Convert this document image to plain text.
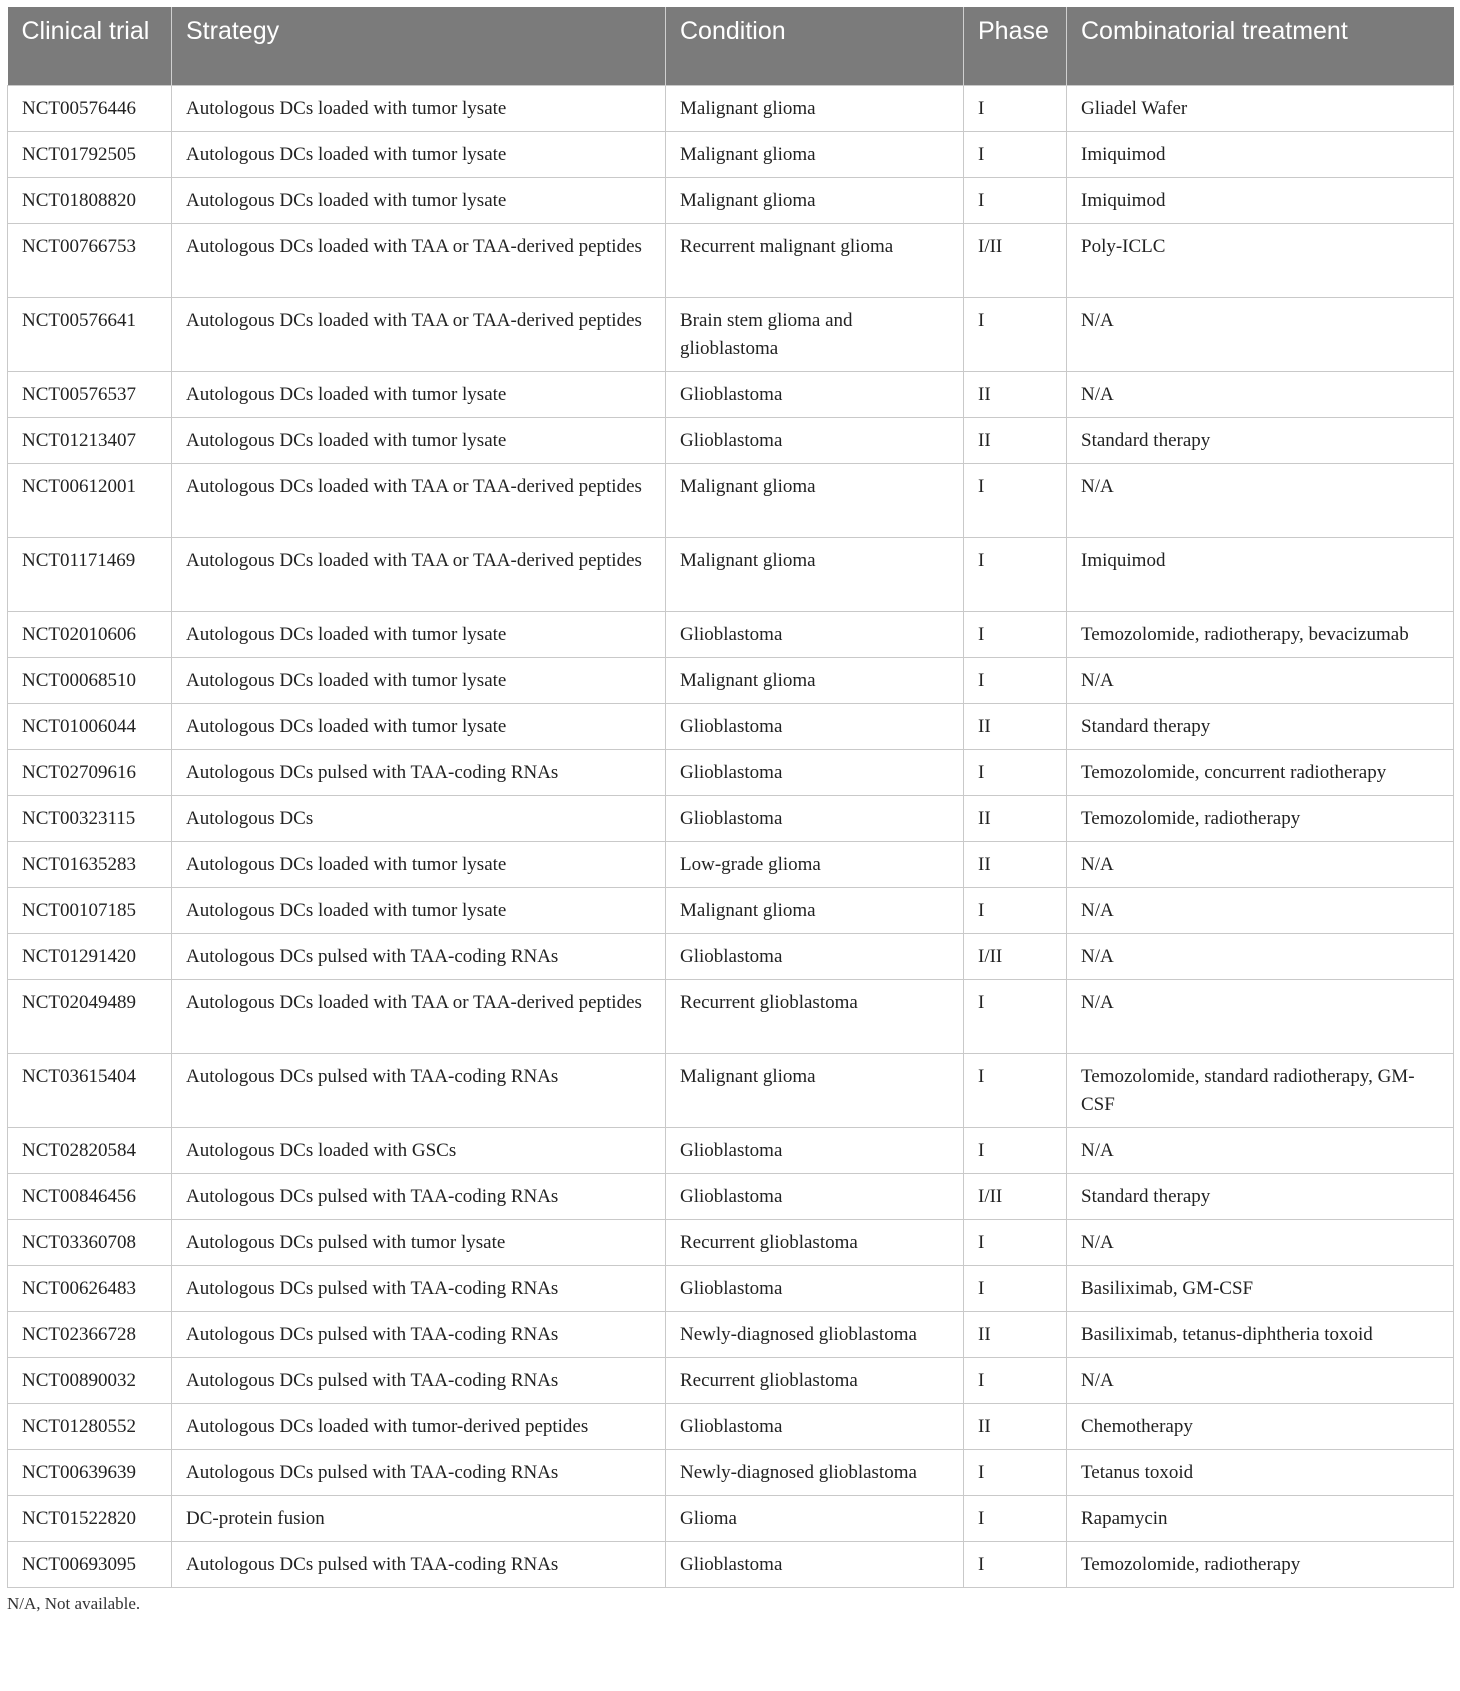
Clinical trial	Strategy	Condition	Phase	Combinatorial treatment
NCT00576446	Autologous DCs loaded with tumor lysate	Malignant glioma	I	Gliadel Wafer
NCT01792505	Autologous DCs loaded with tumor lysate	Malignant glioma	I	Imiquimod
NCT01808820	Autologous DCs loaded with tumor lysate	Malignant glioma	I	Imiquimod
NCT00766753	Autologous DCs loaded with TAA or TAA-derived peptides	Recurrent malignant glioma	I/II	Poly-ICLC
NCT00576641	Autologous DCs loaded with TAA or TAA-derived peptides	Brain stem glioma and glioblastoma	I	N/A
NCT00576537	Autologous DCs loaded with tumor lysate	Glioblastoma	II	N/A
NCT01213407	Autologous DCs loaded with tumor lysate	Glioblastoma	II	Standard therapy
NCT00612001	Autologous DCs loaded with TAA or TAA-derived peptides	Malignant glioma	I	N/A
NCT01171469	Autologous DCs loaded with TAA or TAA-derived peptides	Malignant glioma	I	Imiquimod
NCT02010606	Autologous DCs loaded with tumor lysate	Glioblastoma	I	Temozolomide, radiotherapy, bevacizumab
NCT00068510	Autologous DCs loaded with tumor lysate	Malignant glioma	I	N/A
NCT01006044	Autologous DCs loaded with tumor lysate	Glioblastoma	II	Standard therapy
NCT02709616	Autologous DCs pulsed with TAA-coding RNAs	Glioblastoma	I	Temozolomide, concurrent radiotherapy
NCT00323115	Autologous DCs	Glioblastoma	II	Temozolomide, radiotherapy
NCT01635283	Autologous DCs loaded with tumor lysate	Low-grade glioma	II	N/A
NCT00107185	Autologous DCs loaded with tumor lysate	Malignant glioma	I	N/A
NCT01291420	Autologous DCs pulsed with TAA-coding RNAs	Glioblastoma	I/II	N/A
NCT02049489	Autologous DCs loaded with TAA or TAA-derived peptides	Recurrent glioblastoma	I	N/A
NCT03615404	Autologous DCs pulsed with TAA-coding RNAs	Malignant glioma	I	Temozolomide, standard radiotherapy, GM-CSF
NCT02820584	Autologous DCs loaded with GSCs	Glioblastoma	I	N/A
NCT00846456	Autologous DCs pulsed with TAA-coding RNAs	Glioblastoma	I/II	Standard therapy
NCT03360708	Autologous DCs pulsed with tumor lysate	Recurrent glioblastoma	I	N/A
NCT00626483	Autologous DCs pulsed with TAA-coding RNAs	Glioblastoma	I	Basiliximab, GM-CSF
NCT02366728	Autologous DCs pulsed with TAA-coding RNAs	Newly-diagnosed glioblastoma	II	Basiliximab, tetanus-diphtheria toxoid
NCT00890032	Autologous DCs pulsed with TAA-coding RNAs	Recurrent glioblastoma	I	N/A
NCT01280552	Autologous DCs loaded with tumor-derived peptides	Glioblastoma	II	Chemotherapy
NCT00639639	Autologous DCs pulsed with TAA-coding RNAs	Newly-diagnosed glioblastoma	I	Tetanus toxoid
NCT01522820	DC-protein fusion	Glioma	I	Rapamycin
NCT00693095	Autologous DCs pulsed with TAA-coding RNAs	Glioblastoma	I	Temozolomide, radiotherapy
N/A, Not available.
